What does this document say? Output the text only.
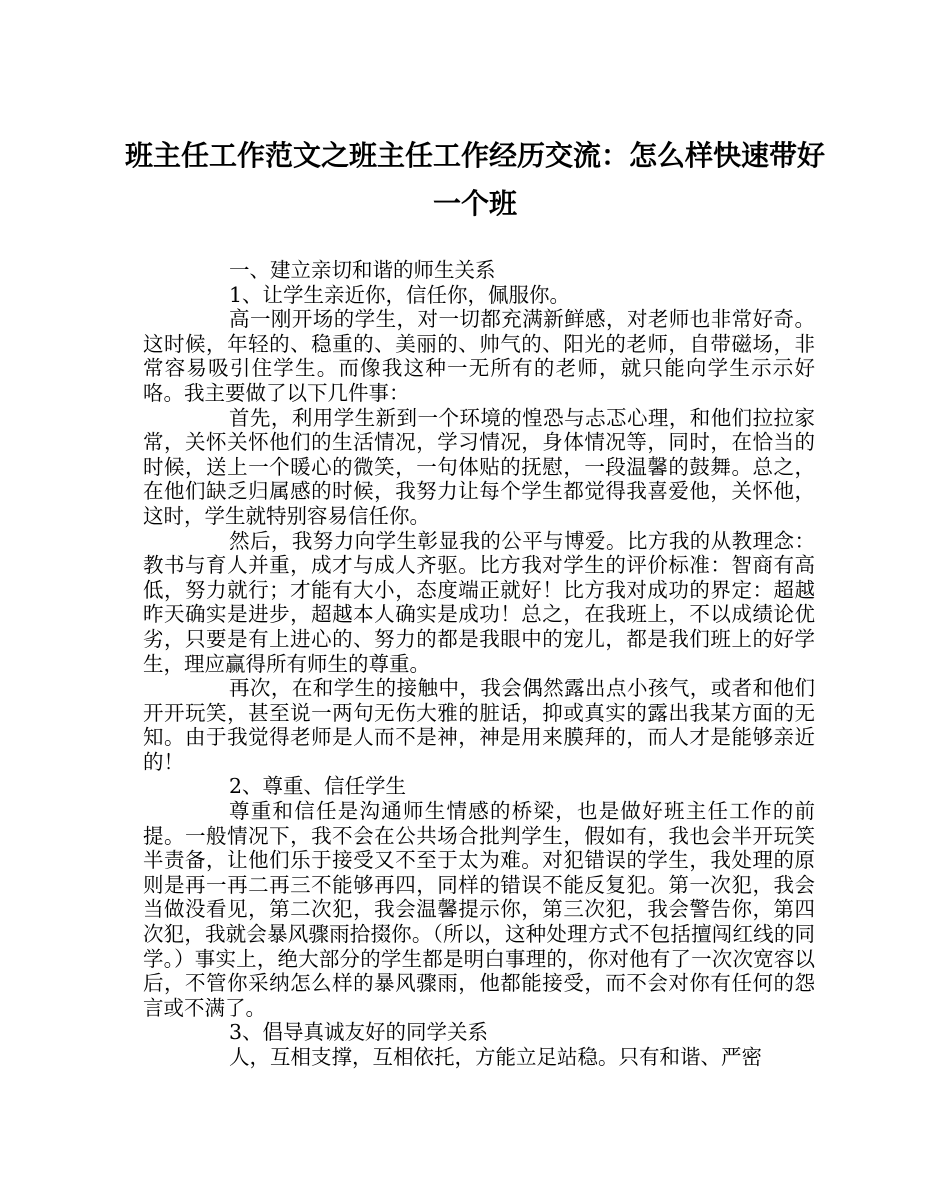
班主任工作范文之班主任工作经历交流：怎么样快速带好一个班

一、建立亲切和谐的师生关系

1、让学生亲近你，信任你，佩服你。

高一刚开场的学生，对一切都充满新鲜感，对老师也非常好奇。这时候，年轻的、稳重的、美丽的、帅气的、阳光的老师，自带磁场，非常容易吸引住学生。而像我这种一无所有的老师，就只能向学生示示好咯。我主要做了以下几件事：

首先，利用学生新到一个环境的惶恐与忐忑心理，和他们拉拉家常，关怀关怀他们的生活情况，学习情况，身体情况等，同时，在恰当的时候，送上一个暖心的微笑，一句体贴的抚慰，一段温馨的鼓舞。总之，在他们缺乏归属感的时候，我努力让每个学生都觉得我喜爱他，关怀他，这时，学生就特别容易信任你。

然后，我努力向学生彰显我的公平与博爱。比方我的从教理念：教书与育人并重，成才与成人齐驱。比方我对学生的评价标准：智商有高低，努力就行；才能有大小，态度端正就好！比方我对成功的界定：超越昨天确实是进步，超越本人确实是成功！总之，在我班上，不以成绩论优劣，只要是有上进心的、努力的都是我眼中的宠儿，都是我们班上的好学生，理应赢得所有师生的尊重。

再次，在和学生的接触中，我会偶然露出点小孩气，或者和他们开开玩笑，甚至说一两句无伤大雅的脏话，抑或真实的露出我某方面的无知。由于我觉得老师是人而不是神，神是用来膜拜的，而人才是能够亲近的！

2、尊重、信任学生

尊重和信任是沟通师生情感的桥梁，也是做好班主任工作的前提。一般情况下，我不会在公共场合批判学生，假如有，我也会半开玩笑半责备，让他们乐于接受又不至于太为难。对犯错误的学生，我处理的原则是再一再二再三不能够再四，同样的错误不能反复犯。第一次犯，我会当做没看见，第二次犯，我会温馨提示你，第三次犯，我会警告你，第四次犯，我就会暴风骤雨拾掇你。（所以，这种处理方式不包括擅闯红线的同学。）事实上，绝大部分的学生都是明白事理的，你对他有了一次次宽容以后，不管你采纳怎么样的暴风骤雨，他都能接受，而不会对你有任何的怨言或不满了。

3、倡导真诚友好的同学关系

人，互相支撑，互相依托，方能立足站稳。只有和谐、严密
